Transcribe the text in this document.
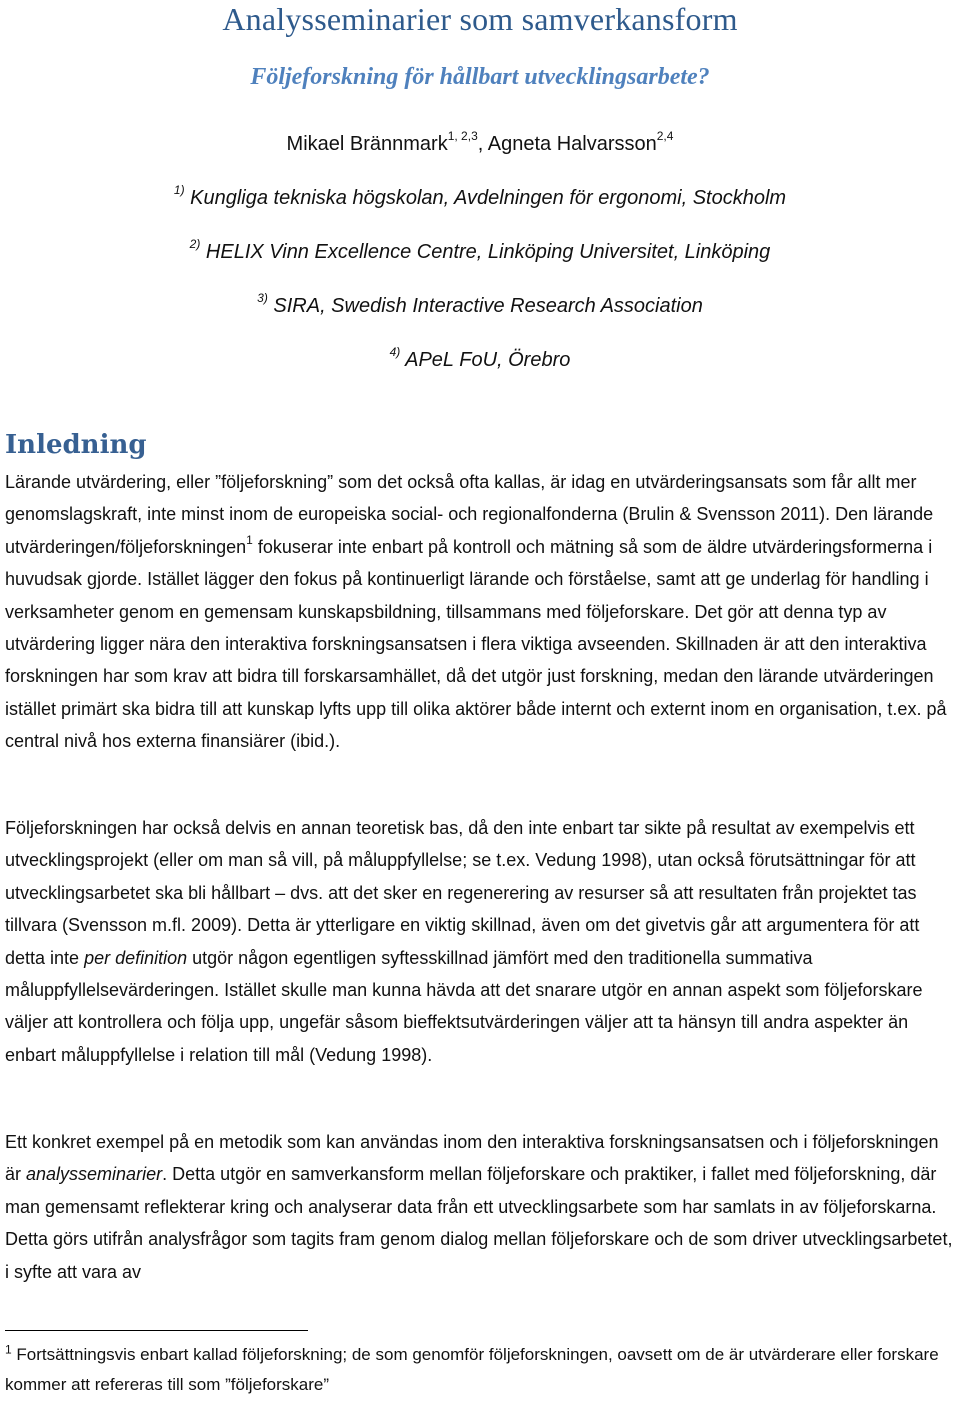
Analysseminarier som samverkansform
Följeforskning för hållbart utvecklingsarbete?
Mikael Brännmark$^{1, 2,3}$, Agneta Halvarsson$^{2,4}$
$^{1)}$ Kungliga tekniska högskolan, Avdelningen för ergonomi, Stockholm
$^{2)}$ HELIX Vinn Excellence Centre, Linköping Universitet, Linköping
$^{3)}$ SIRA, Swedish Interactive Research Association
$^{4)}$ APeL FoU, Örebro
Inledning

Lärande utvärdering, eller ”följeforskning” som det också ofta kallas, är idag en utvärderingsansats som får allt mer genomslagskraft, inte minst inom de europeiska social- och regionalfonderna (Brulin & Svensson 2011). Den lärande utvärderingen/följeforskningen$^1$ fokuserar inte enbart på kontroll och mätning så som de äldre utvärderingsformerna i huvudsak gjorde. Istället lägger den fokus på kontinuerligt lärande och förståelse, samt att ge underlag för handling i verksamheter genom en gemensam kunskapsbildning, tillsammans med följeforskare. Det gör att denna typ av utvärdering ligger nära den interaktiva forskningsansatsen i flera viktiga avseenden. Skillnaden är att den interaktiva forskningen har som krav att bidra till forskarsamhället, då det utgör just forskning, medan den lärande utvärderingen istället primärt ska bidra till att kunskap lyfts upp till olika aktörer både internt och externt inom en organisation, t.ex. på central nivå hos externa finansiärer (ibid.).

Följeforskningen har också delvis en annan teoretisk bas, då den inte enbart tar sikte på resultat av exempelvis ett utvecklingsprojekt (eller om man så vill, på måluppfyllelse; se t.ex. Vedung 1998), utan också förutsättningar för att utvecklingsarbetet ska bli hållbart – dvs. att det sker en regenerering av resurser så att resultaten från projektet tas tillvara (Svensson m.fl. 2009). Detta är ytterligare en viktig skillnad, även om det givetvis går att argumentera för att detta inte per definition utgör någon egentligen syftesskillnad jämfört med den traditionella summativa måluppfyllelsevärderingen. Istället skulle man kunna hävda att det snarare utgör en annan aspekt som följeforskare väljer att kontrollera och följa upp, ungefär såsom bieffektsutvärderingen väljer att ta hänsyn till andra aspekter än enbart måluppfyllelse i relation till mål (Vedung 1998).

Ett konkret exempel på en metodik som kan användas inom den interaktiva forskningsansatsen och i följeforskningen är analysseminarier. Detta utgör en samverkansform mellan följeforskare och praktiker, i fallet med följeforskning, där man gemensamt reflekterar kring och analyserar data från ett utvecklingsarbete som har samlats in av följeforskarna. Detta görs utifrån analysfrågor som tagits fram genom dialog mellan följeforskare och de som driver utvecklingsarbetet, i syfte att vara av

$^1$ Fortsättningsvis enbart kallad följeforskning; de som genomför följeforskningen, oavsett om de är utvärderare eller forskare kommer att refereras till som ”följeforskare”
